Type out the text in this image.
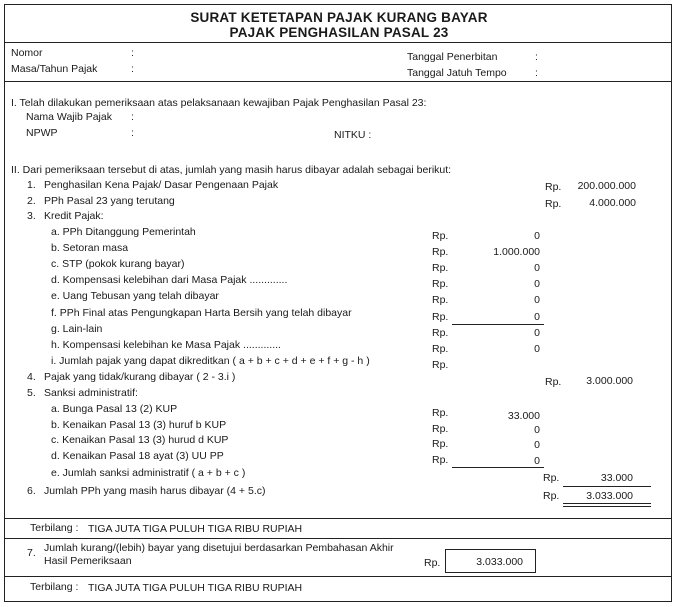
SURAT KETETAPAN PAJAK KURANG BAYAR
PAJAK PENGHASILAN PASAL 23
Nomor	:
Masa/Tahun Pajak	:
Tanggal Penerbitan	:
Tanggal Jatuh Tempo	:
I. Telah dilakukan pemeriksaan atas pelaksanaan kewajiban Pajak Penghasilan Pasal 23:
Nama Wajib Pajak :
NPWP	:	NITKU :
II. Dari pemeriksaan tersebut di atas, jumlah yang masih harus dibayar adalah sebagai berikut:
1. Penghasilan Kena Pajak/ Dasar Pengenaan Pajak	Rp.	200.000.000
2. PPh Pasal 23 yang terutang	Rp.	4.000.000
3. Kredit Pajak:
a. PPh Ditanggung Pemerintah	Rp.	0
b. Setoran masa	Rp.	1.000.000
c. STP (pokok kurang bayar)	Rp.	0
d. Kompensasi kelebihan dari Masa Pajak .............	Rp.	0
e. Uang Tebusan yang telah dibayar	Rp.	0
f. PPh Final atas Pengungkapan Harta Bersih yang telah dibayar	Rp.	0
g. Lain-lain	Rp.	0
h. Kompensasi kelebihan ke Masa Pajak .............	Rp.	0
i. Jumlah pajak yang dapat dikreditkan ( a + b + c + d + e + f + g - h )	Rp.
4. Pajak yang tidak/kurang dibayar ( 2 - 3.i )	Rp.	3.000.000
5. Sanksi administratif:
a. Bunga Pasal 13 (2) KUP	Rp.	33.000
b. Kenaikan Pasal 13 (3) huruf b KUP	Rp.	0
c. Kenaikan Pasal 13 (3) hurud d KUP	Rp.	0
d. Kenaikan Pasal 18 ayat (3) UU PP	Rp.	0
e. Jumlah sanksi administratif ( a + b + c )	Rp.	33.000
6. Jumlah PPh yang masih harus dibayar (4 + 5.c)	Rp.	3.033.000
Terbilang : TIGA JUTA TIGA PULUH TIGA RIBU RUPIAH
7. Jumlah kurang/(lebih) bayar yang disetujui berdasarkan Pembahasan Akhir
Hasil Pemeriksaan	Rp.	3.033.000
Terbilang : TIGA JUTA TIGA PULUH TIGA RIBU RUPIAH
